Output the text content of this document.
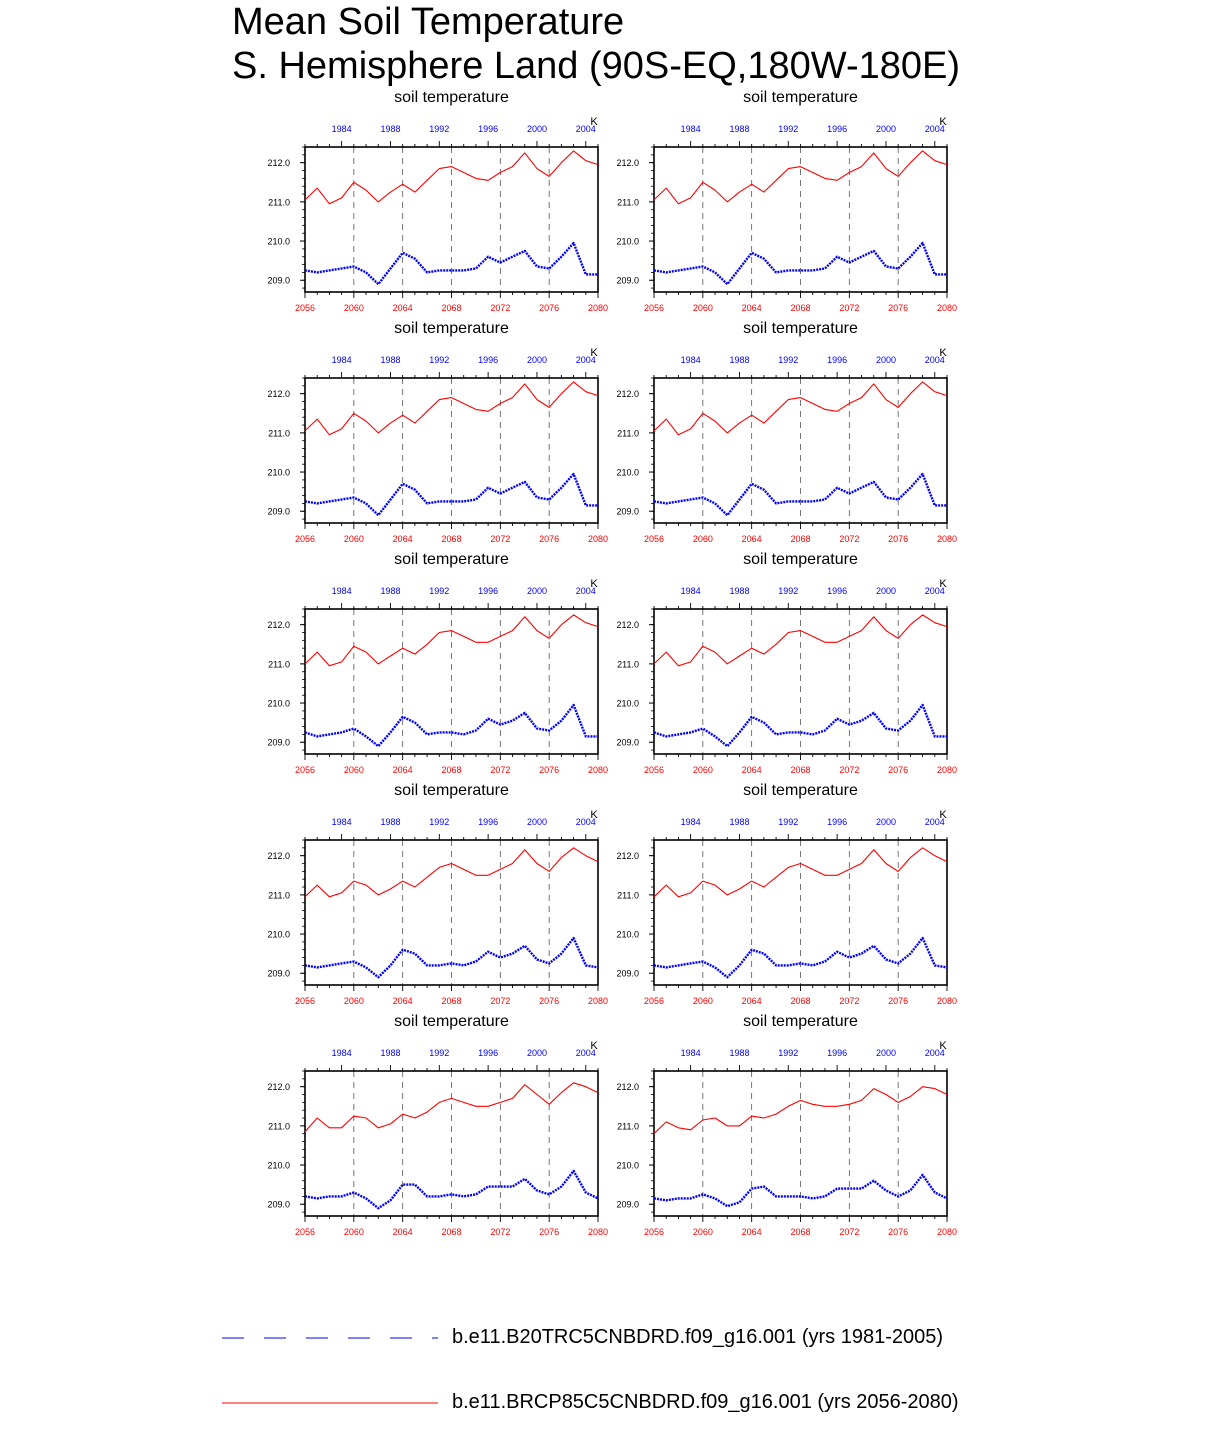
Mean Soil Temperature
S. Hemisphere Land (90S-EQ,180W-180E)
soil temperature
K
212.0
211.0
210.0
209.0
2056	2060	2064	2068	2072	2076	2080
1984	1988	1992	1996	2000	2004
soil temperature
K
212.0
211.0
210.0
209.0
2056	2060	2064	2068	2072	2076	2080
1984	1988	1992	1996	2000	2004
soil temperature
K
212.0
211.0
210.0
209.0
2056	2060	2064	2068	2072	2076	2080
1984	1988	1992	1996	2000	2004
soil temperature
K
212.0
211.0
210.0
209.0
2056	2060	2064	2068	2072	2076	2080
1984	1988	1992	1996	2000	2004
soil temperature
K
212.0
211.0
210.0
209.0
2056	2060	2064	2068	2072	2076	2080
1984	1988	1992	1996	2000	2004
soil temperature
K
212.0
211.0
210.0
209.0
2056	2060	2064	2068	2072	2076	2080
1984	1988	1992	1996	2000	2004
soil temperature
K
212.0
211.0
210.0
209.0
2056	2060	2064	2068	2072	2076	2080
1984	1988	1992	1996	2000	2004
soil temperature
K
212.0
211.0
210.0
209.0
2056	2060	2064	2068	2072	2076	2080
1984	1988	1992	1996	2000	2004
soil temperature
K
212.0
211.0
210.0
209.0
2056	2060	2064	2068	2072	2076	2080
1984	1988	1992	1996	2000	2004
soil temperature
K
212.0
211.0
210.0
209.0
2056	2060	2064	2068	2072	2076	2080
1984	1988	1992	1996	2000	2004
b.e11.B20TRC5CNBDRD.f09_g16.001 (yrs 1981-2005)
b.e11.BRCP85C5CNBDRD.f09_g16.001 (yrs 2056-2080)
